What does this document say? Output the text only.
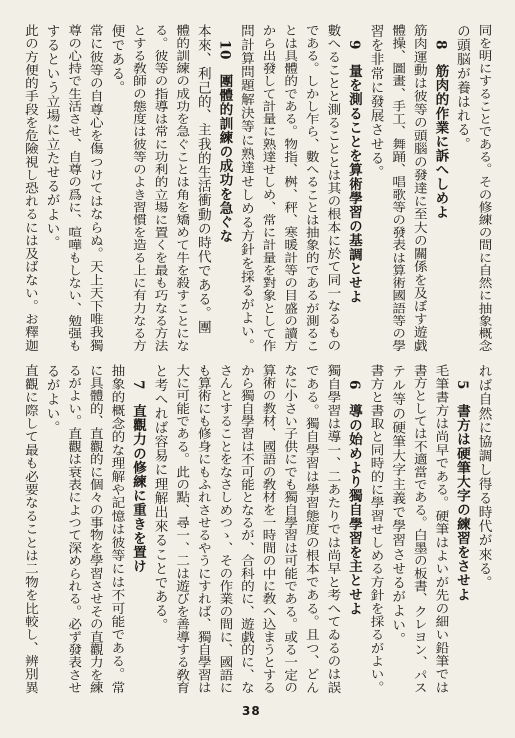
同を明にすることである。その修練の間に自然に抽象概念
の頭脳が養はれる。
8　筋肉的作業に訴へしめよ
筋肉運動は彼等の頭腦の發達に至大の關係を及ぼす遊戯
體操、圖畫、手工、舞踊、唱歌等の發表は算術國語等の學
習を非常に發展させる。
9　量を測ることを算術學習の基調とせよ
數へることと測ることとは其の根本に於て同一なるもの
である。しかし乍ら、數へることは抽象的であるが測るこ
とは具體的である。物指、桝、秤、寒暖計等の目盛の讀方
から出發して計量に熟達せしめ、常に計量を對象として作
問計算問題解決等に熟達せしめる方針を採るがよい。
10　團體的訓練の成功を急ぐな
本來、利己的、主我的生活衝動の時代である。團
體的訓練の成功を急ぐことは角を矯めて牛を殺すことにな
る。彼等の指導は常に功利的立場に置くを最も巧なる方法
とする敎師の態度は彼等のよき習慣を造る上に有力なる方
便である。
常に彼等の自尊心を傷つけてはならぬ。天上天下唯我獨
尊の心持で生活させ、自尊の爲に、喧嘩もしない、勉强も
するという立場に立たせるがよい。
此の方便的手段を危險視し恐れるには及ばない。お釋迦
れば自然に協調し得る時代が來る。
5　書方は硬筆大字の練習をさせよ
毛筆書方は尚早である。硬筆はよいが先の細い鉛筆では
書方としては不適當である。白墨の板書、クレヨン、パス
テル等の硬筆大字主義で學習させるがよい。
書方と書取と同時的に學習せしめる方針を採るがよい。
6　導の始めより獨自學習を主とせよ
獨自學習は導一、二あたりでは尚早と考へてゐるのは誤
である。獨自學習は學習態度の根本である。且つ、どん
なに小さい子供にでも獨自學習は可能である。或る一定の
算術の教材、國語の敎材を一時間の中に敎へ込まうとする
から獨自學習は不可能となるが、合科的に、遊戯的に、な
さんとすることをなさしめつゝ、その作業の間に、國語に
も算術にも修身にもふれさせるやうにすれば、獨自學習は
大に可能である。此の點、尋一、二は遊びを善導する敎育
と考へれば容易に理解出來ることである。
7　直觀力の修練に重きを置け
抽象的概念的な理解や記憶は彼等には不可能である。常
に具體的、直觀的に個々の事物を學習させその直觀力を練
るがよい。直觀は衰表によつて深められる。必ず發表させ
るがよい。
直觀に際して最も必要なることは二物を比較し、辨別異
38
